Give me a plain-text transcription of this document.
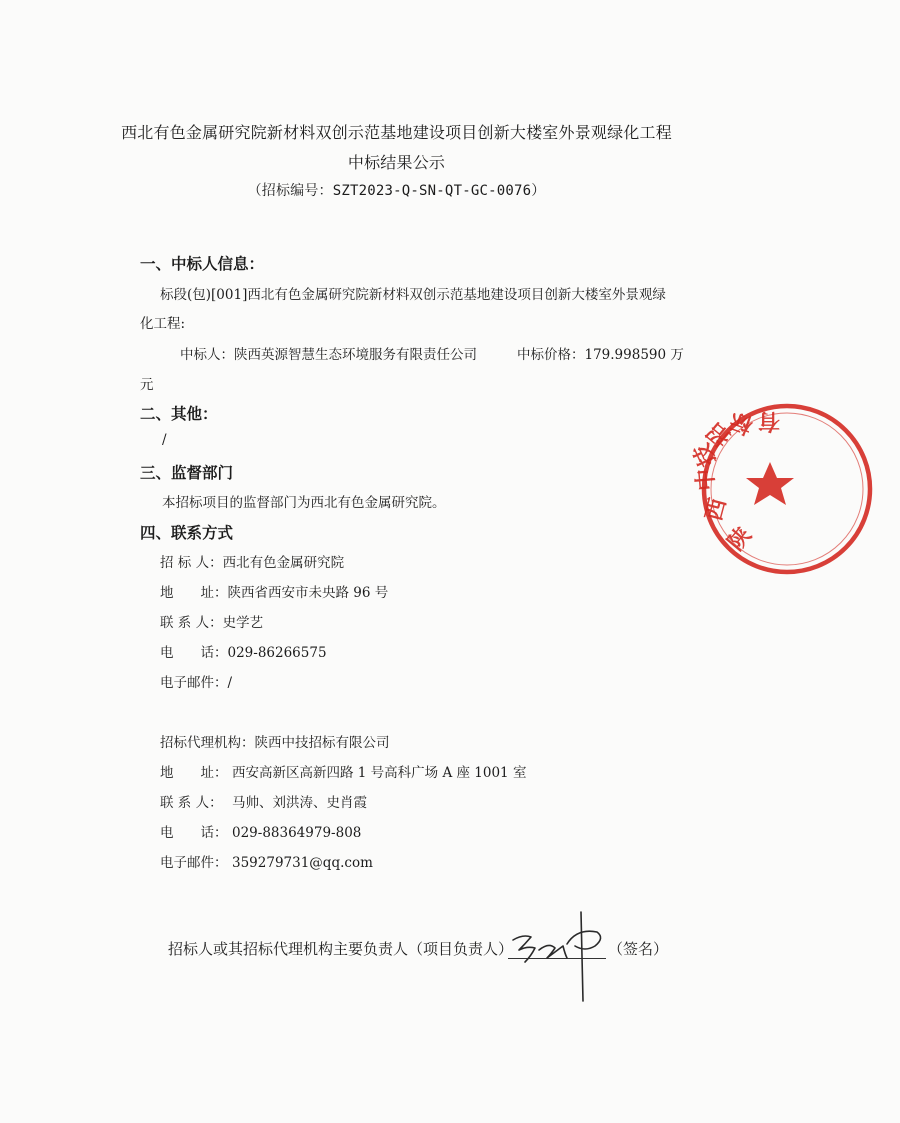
西北有色金属研究院新材料双创示范基地建设项目创新大楼室外景观绿化工程
中标结果公示
（招标编号：SZT2023-Q-SN-QT-GC-0076）
一、中标人信息：
标段(包)[001]西北有色金属研究院新材料双创示范基地建设项目创新大楼室外景观绿
化工程:
中标人：陕西英源智慧生态环境服务有限责任公司	中标价格：179.998590 万
元
二、其他：
/
三、监督部门
本招标项目的监督部门为西北有色金属研究院。
四、联系方式
招 标 人：西北有色金属研究院
地　　址：陕西省西安市未央路 96 号
联 系 人：史学艺
电　　话：029-86266575
电子邮件：/
招标代理机构：陕西中技招标有限公司
地　　址： 西安高新区高新四路 1 号高科广场 A 座 1001 室
联 系 人： 马帅、刘洪涛、史肖霞
电　　话： 029-88364979-808
电子邮件： 359279731@qq.com
招标人或其招标代理机构主要负责人（项目负责人）	（签名）
陕
西
中
技
招
标 有
